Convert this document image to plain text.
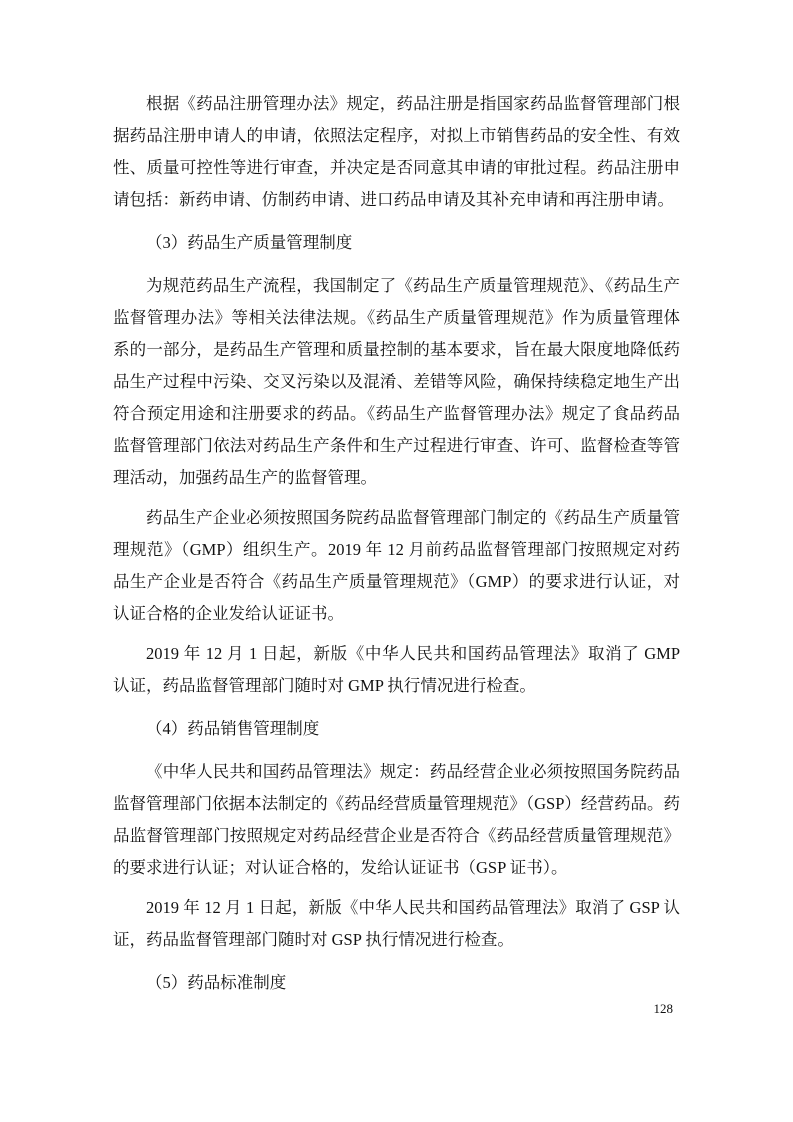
根据《药品注册管理办法》规定，药品注册是指国家药品监督管理部门根据药品注册申请人的申请，依照法定程序，对拟上市销售药品的安全性、有效性、质量可控性等进行审查，并决定是否同意其申请的审批过程。药品注册申请包括：新药申请、仿制药申请、进口药品申请及其补充申请和再注册申请。

（3）药品生产质量管理制度

为规范药品生产流程，我国制定了《药品生产质量管理规范》、《药品生产监督管理办法》等相关法律法规。《药品生产质量管理规范》作为质量管理体系的一部分，是药品生产管理和质量控制的基本要求，旨在最大限度地降低药品生产过程中污染、交叉污染以及混淆、差错等风险，确保持续稳定地生产出符合预定用途和注册要求的药品。《药品生产监督管理办法》规定了食品药品监督管理部门依法对药品生产条件和生产过程进行审查、许可、监督检查等管理活动，加强药品生产的监督管理。

药品生产企业必须按照国务院药品监督管理部门制定的《药品生产质量管理规范》（GMP）组织生产。2019 年 12 月前药品监督管理部门按照规定对药品生产企业是否符合《药品生产质量管理规范》（GMP）的要求进行认证，对认证合格的企业发给认证证书。

2019 年 12 月 1 日起，新版《中华人民共和国药品管理法》取消了 GMP 认证，药品监督管理部门随时对 GMP 执行情况进行检查。

（4）药品销售管理制度

《中华人民共和国药品管理法》规定：药品经营企业必须按照国务院药品监督管理部门依据本法制定的《药品经营质量管理规范》（GSP）经营药品。药品监督管理部门按照规定对药品经营企业是否符合《药品经营质量管理规范》的要求进行认证；对认证合格的，发给认证证书（GSP 证书）。

2019 年 12 月 1 日起，新版《中华人民共和国药品管理法》取消了 GSP 认证，药品监督管理部门随时对 GSP 执行情况进行检查。

（5）药品标准制度

128
